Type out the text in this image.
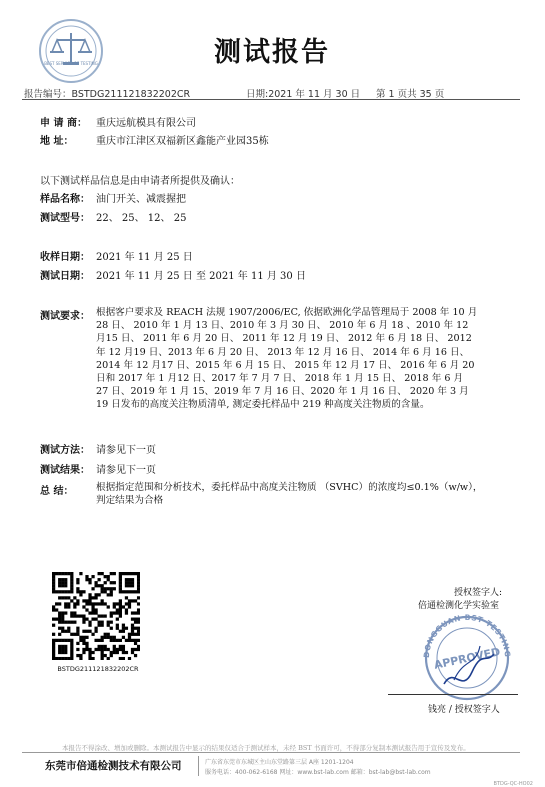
BEST SERVICE OF TESTING	测试报告
报告编号：BSTDG211121832202CR	日期:2021 年 11 月 30 日 第 1 页共 35 页
申 请 商： 重庆远航模具有限公司
地 址： 重庆市江津区双福新区鑫能产业园35栋
以下测试样品信息是由申请者所提供及确认：
样品名称： 油门开关、减震握把
测试型号： 22、 25、 12、 25
收样日期： 2021 年 11 月 25 日
测试日期： 2021 年 11 月 25 日 至 2021 年 11 月 30 日
测试要求： 根据客户要求及 REACH 法规 1907/2006/EC, 依据欧洲化学品管理局于 2008 年 10 月
28 日、 2010 年 1 月 13 日、2010 年 3 月 30 日、 2010 年 6 月 18 、2010 年 12
月15 日、 2011 年 6 月 20 日、 2011 年 12 月 19 日、 2012 年 6 月 18 日、 2012
年 12 月19 日、2013 年 6 月 20 日、 2013 年 12 月 16 日、 2014 年 6 月 16 日、
2014 年 12 月17 日、2015 年 6 月 15 日、 2015 年 12 月 17 日、 2016 年 6 月 20
日和 2017 年 1 月12 日、2017 年 7 月 7 日、 2018 年 1 月 15 日、 2018 年 6 月
27 日、2019 年 1 月 15、2019 年 7 月 16 日、2020 年 1 月 16 日、 2020 年 3 月
19 日发布的高度关注物质清单, 测定委托样品中 219 种高度关注物质的含量。
测试方法： 请参见下一页
测试结果： 请参见下一页
总 结： 根据指定范围和分析技术，委托样品中高度关注物质 （SVHC）的浓度均≤0.1%（w/w），
判定结果为合格
BSTDG211121832202CR
授权签字人:
倍通检测化学实验室
DONGGUAN BST TESTING
APPROVED
钱亮 / 授权签字人
本报告不得涂改、增加或删除。本测试报告中显示的结果仅适合于测试样本，未经 BST 书面许可，不得部分复制本测试报告用于宣传及发布。
东莞市倍通检测技术有限公司	广东省东莞市东城区主山东堂路第三层 A座 1201-1204
服务电话：400-062-6168 网址：www.bst-lab.com 邮箱：bst-lab@bst-lab.com
BTDG-QC-HO02
